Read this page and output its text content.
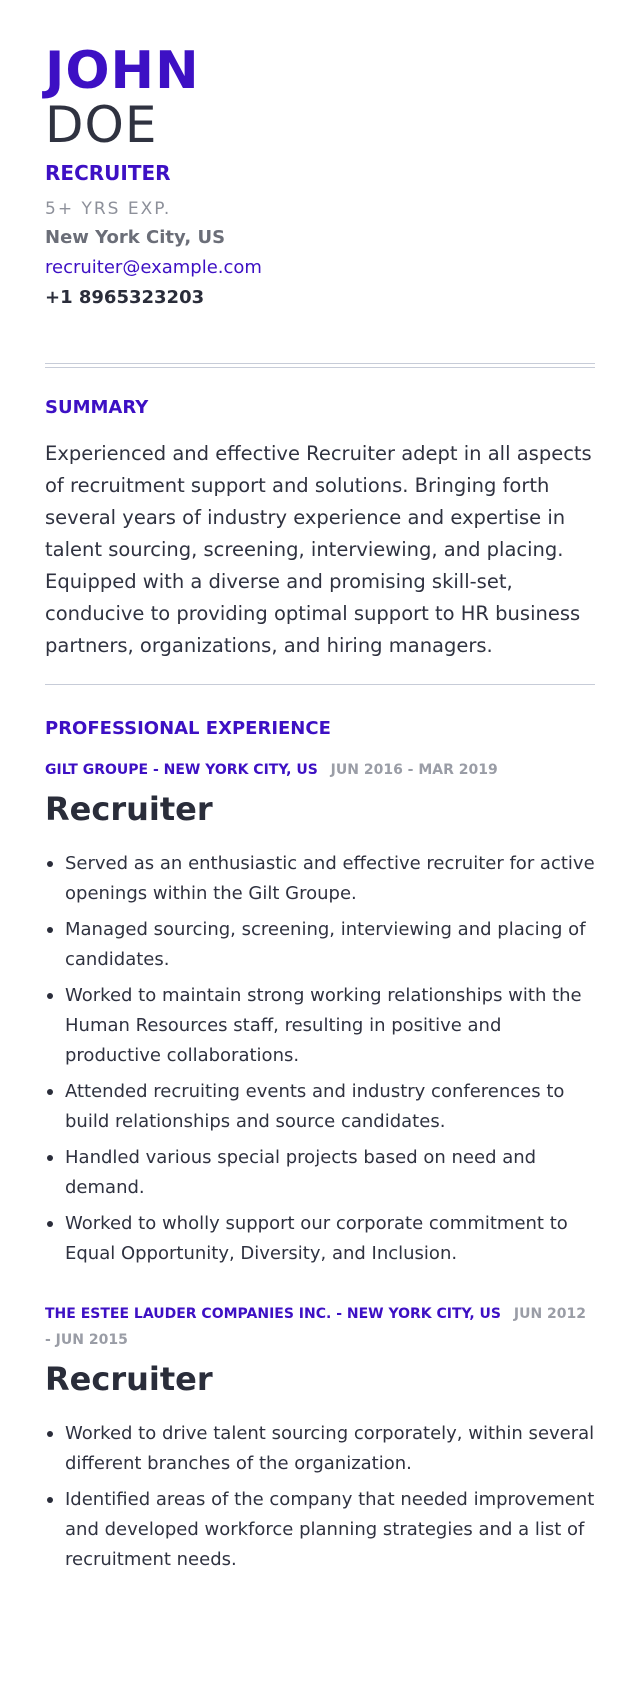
JOHN
DOE
RECRUITER
5+ YRS EXP.
New York City, US
recruiter@example.com
+1 8965323203
SUMMARY
Experienced and effective Recruiter adept in all aspects of recruitment support and solutions. Bringing forth several years of industry experience and expertise in talent sourcing, screening, interviewing, and placing. Equipped with a diverse and promising skill-set, conducive to providing optimal support to HR business partners, organizations, and hiring managers.
PROFESSIONAL EXPERIENCE
GILT GROUPE - NEW YORK CITY, US JUN 2016 - MAR 2019
Recruiter
Served as an enthusiastic and effective recruiter for active openings within the Gilt Groupe.
Managed sourcing, screening, interviewing and placing of candidates.
Worked to maintain strong working relationships with the Human Resources staff, resulting in positive and productive collaborations.
Attended recruiting events and industry conferences to build relationships and source candidates.
Handled various special projects based on need and demand.
Worked to wholly support our corporate commitment to Equal Opportunity, Diversity, and Inclusion.
THE ESTEE LAUDER COMPANIES INC. - NEW YORK CITY, US JUN 2012 - JUN 2015
Recruiter
Worked to drive talent sourcing corporately, within several different branches of the organization.
Identified areas of the company that needed improvement and developed workforce planning strategies and a list of recruitment needs.
